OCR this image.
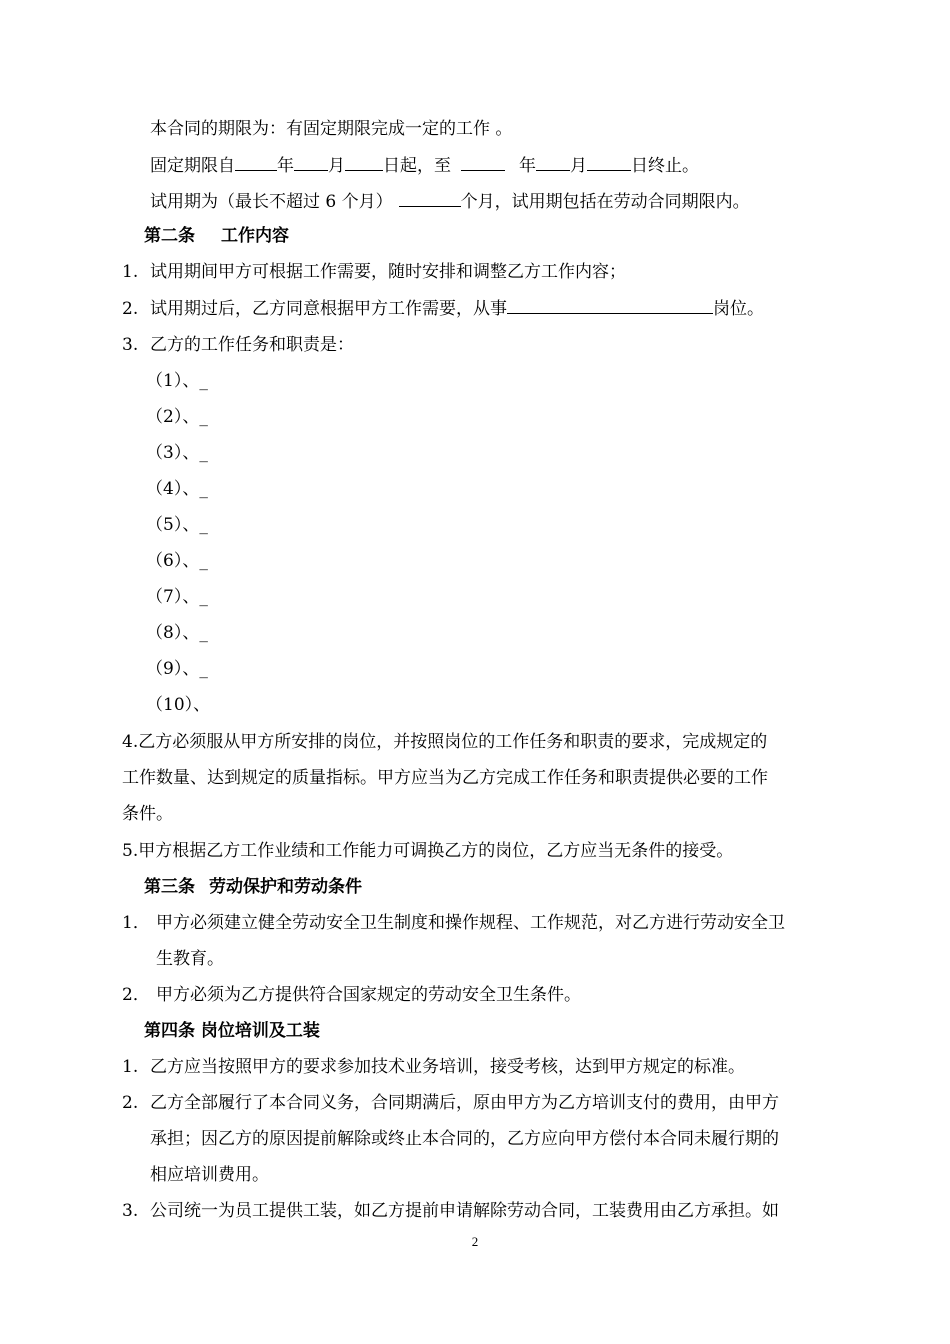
本合同的期限为：有固定期限完成一定的工作 。
固定期限自 年 月 日起，至	年 月	日终止。
试用期为（最长不超过 6 个月）	个月，试用期包括在劳动合同期限内。
第二条 工作内容
1. 试用期间甲方可根据工作需要，随时安排和调整乙方工作内容；
2. 试用期过后，乙方同意根据甲方工作需要，从事	岗位。
3. 乙方的工作任务和职责是：
（1）、_
（2）、_
（3）、_
（4）、_
（5）、_
（6）、_
（7）、_
（8）、_
（9）、_
（10）、
4.乙方必须服从甲方所安排的岗位，并按照岗位的工作任务和职责的要求，完成规定的
工作数量、达到规定的质量指标。甲方应当为乙方完成工作任务和职责提供必要的工作
条件。
5.甲方根据乙方工作业绩和工作能力可调换乙方的岗位，乙方应当无条件的接受。
第三条 劳动保护和劳动条件
1． 甲方必须建立健全劳动安全卫生制度和操作规程、工作规范，对乙方进行劳动安全卫
生教育。
2． 甲方必须为乙方提供符合国家规定的劳动安全卫生条件。
第四条 岗位培训及工装
1. 乙方应当按照甲方的要求参加技术业务培训，接受考核，达到甲方规定的标准。
2. 乙方全部履行了本合同义务，合同期满后，原由甲方为乙方培训支付的费用，由甲方
承担；因乙方的原因提前解除或终止本合同的，乙方应向甲方偿付本合同未履行期的
相应培训费用。
3. 公司统一为员工提供工装，如乙方提前申请解除劳动合同，工装费用由乙方承担。如
2
